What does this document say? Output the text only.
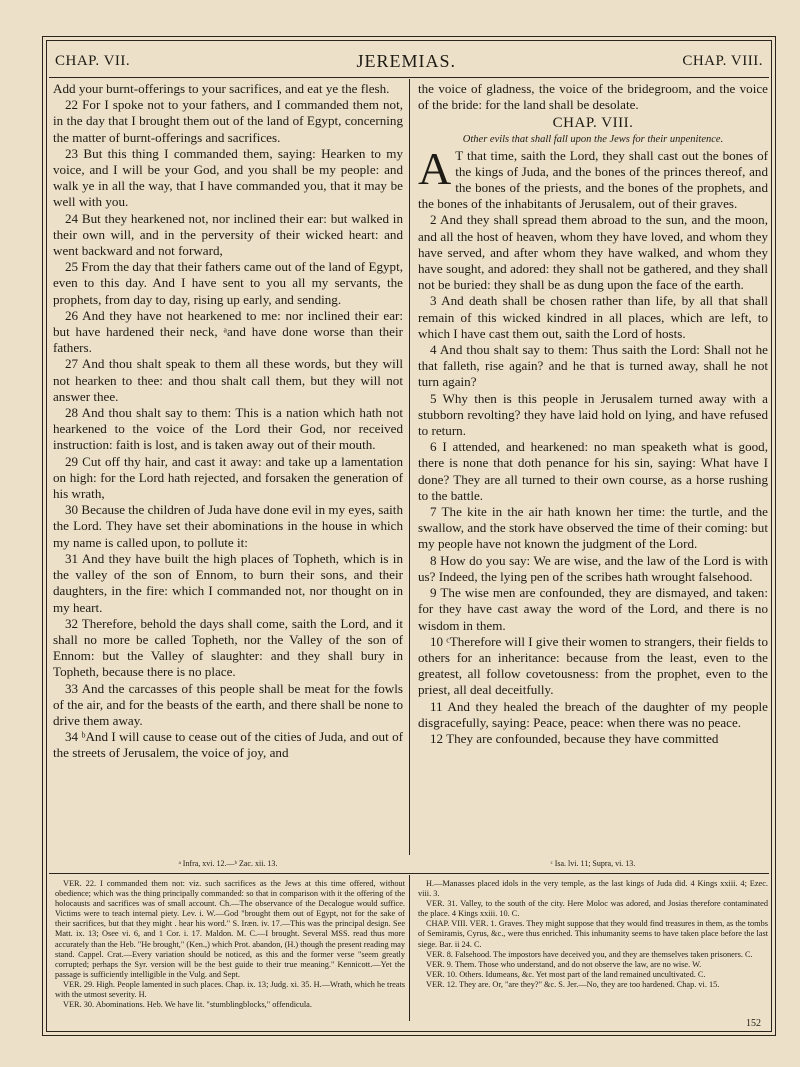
CHAP. VII.	JEREMIAS.	CHAP. VIII.

Add your burnt-offerings to your sacrifices, and eat ye the flesh.

22 For I spoke not to your fathers, and I commanded them not, in the day that I brought them out of the land of Egypt, concerning the matter of burnt-offerings and sacrifices.

23 But this thing I commanded them, saying: Hearken to my voice, and I will be your God, and you shall be my people: and walk ye in all the way, that I have commanded you, that it may be well with you.

24 But they hearkened not, nor inclined their ear: but walked in their own will, and in the perversity of their wicked heart: and went backward and not forward,

25 From the day that their fathers came out of the land of Egypt, even to this day. And I have sent to you all my servants, the prophets, from day to day, rising up early, and sending.

26 And they have not hearkened to me: nor inclined their ear: but have hardened their neck, ᵃand have done worse than their fathers.

27 And thou shalt speak to them all these words, but they will not hearken to thee: and thou shalt call them, but they will not answer thee.

28 And thou shalt say to them: This is a nation which hath not hearkened to the voice of the Lord their God, nor received instruction: faith is lost, and is taken away out of their mouth.

29 Cut off thy hair, and cast it away: and take up a lamentation on high: for the Lord hath rejected, and forsaken the generation of his wrath,

30 Because the children of Juda have done evil in my eyes, saith the Lord. They have set their abominations in the house in which my name is called upon, to pollute it:

31 And they have built the high places of Topheth, which is in the valley of the son of Ennom, to burn their sons, and their daughters, in the fire: which I commanded not, nor thought on in my heart.

32 Therefore, behold the days shall come, saith the Lord, and it shall no more be called Topheth, nor the Valley of the son of Ennom: but the Valley of slaughter: and they shall bury in Topheth, because there is no place.

33 And the carcasses of this people shall be meat for the fowls of the air, and for the beasts of the earth, and there shall be none to drive them away.

34 ᵇAnd I will cause to cease out of the cities of Juda, and out of the streets of Jerusalem, the voice of joy, and

the voice of gladness, the voice of the bridegroom, and the voice of the bride: for the land shall be desolate.

CHAP. VIII.
Other evils that shall fall upon the Jews for their unpenitence.

A T that time, saith the Lord, they shall cast out the bones of the kings of Juda, and the bones of the princes thereof, and the bones of the priests, and the bones of the prophets, and the bones of the inhabitants of Jerusalem, out of their graves.

2 And they shall spread them abroad to the sun, and the moon, and all the host of heaven, whom they have loved, and whom they have served, and after whom they have walked, and whom they have sought, and adored: they shall not be gathered, and they shall not be buried: they shall be as dung upon the face of the earth.

3 And death shall be chosen rather than life, by all that shall remain of this wicked kindred in all places, which are left, to which I have cast them out, saith the Lord of hosts.

4 And thou shalt say to them: Thus saith the Lord: Shall not he that falleth, rise again? and he that is turned away, shall he not turn again?

5 Why then is this people in Jerusalem turned away with a stubborn revolting? they have laid hold on lying, and have refused to return.

6 I attended, and hearkened: no man speaketh what is good, there is none that doth penance for his sin, saying: What have I done? They are all turned to their own course, as a horse rushing to the battle.

7 The kite in the air hath known her time: the turtle, and the swallow, and the stork have observed the time of their coming: but my people have not known the judgment of the Lord.

8 How do you say: We are wise, and the law of the Lord is with us? Indeed, the lying pen of the scribes hath wrought falsehood.

9 The wise men are confounded, they are dismayed, and taken: for they have cast away the word of the Lord, and there is no wisdom in them.

10 ᶜTherefore will I give their women to strangers, their fields to others for an inheritance: because from the least, even to the greatest, all follow covetousness: from the prophet, even to the priest, all deal deceitfully.

11 And they healed the breach of the daughter of my people disgracefully, saying: Peace, peace: when there was no peace.

12 They are confounded, because they have committed

ᵃ Infra, xvi. 12.—ᵇ Zac. xii. 13.	ᶜ Isa. lvi. 11; Supra, vi. 13.

VER. 22. I commanded them not: viz. such sacrifices as the Jews at this time offered, without obedience; which was the thing principally commanded: so that in comparison with it the offering of the holocausts and sacrifices was of small account. Ch.—The observance of the Decalogue would suffice. Victims were to teach internal piety. Lev. i. W.—God "brought them out of Egypt, not for the sake of their sacrifices, but that they might . hear his word." S. Iræn. iv. 17.—This was the principal design. See Matt. ix. 13; Osee vi. 6, and 1 Cor. i. 17. Maldon. M. C.—I brought. Several MSS. read thus more accurately than the Heb. "He brought," (Ken.,) which Prot. abandon, (H.) though the present reading may stand. Cappel. Crat.—Every variation should be noticed, as this and the former verse "seem greatly corrupted; perhaps the Syr. version will be the best guide to their true meaning." Kennicott.—Yet the passage is sufficiently intelligible in the Vulg. and Sept.

VER. 29. High. People lamented in such places. Chap. ix. 13; Judg. xi. 35. H.—Wrath, which he treats with the utmost severity. H.

VER. 30. Abominations. Heb. We have lit. "stumblingblocks," offendicula.

H.—Manasses placed idols in the very temple, as the last kings of Juda did. 4 Kings xxiii. 4; Ezec. viii. 3.

VER. 31. Valley, to the south of the city. Here Moloc was adored, and Josias therefore contaminated the place. 4 Kings xxiii. 10. C.

CHAP. VIII. VER. 1. Graves. They might suppose that they would find treasures in them, as the tombs of Semiramis, Cyrus, &c., were thus enriched. This inhumanity seems to have taken place before the last siege. Bar. ii 24. C.

VER. 8. Falsehood. The impostors have deceived you, and they are themselves taken prisoners. C.

VER. 9. Them. Those who understand, and do not observe the law, are no wise. W.

VER. 10. Others. Idumeans, &c. Yet most part of the land remained uncultivated. C.

VER. 12. They are. Or, "are they?" &c. S. Jer.—No, they are too hardened. Chap. vi. 15.

152
